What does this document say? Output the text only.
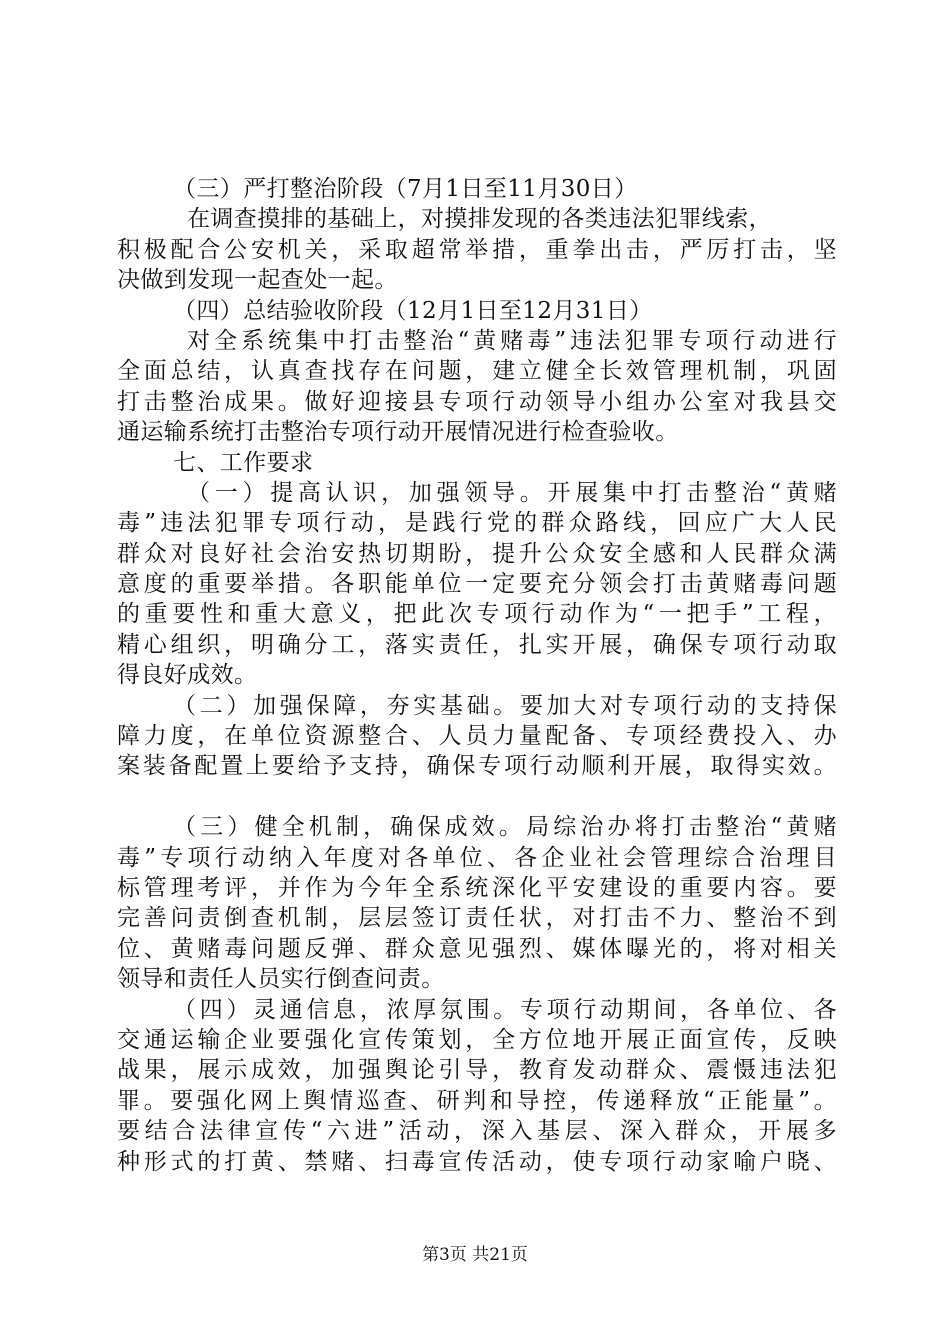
（三）严打整治阶段（7月1日至11月30日）
在调查摸排的基础上，对摸排发现的各类违法犯罪线索，
积极配合公安机关，采取超常举措，重拳出击，严厉打击，坚
决做到发现一起查处一起。
（四）总结验收阶段（12月1日至12月31日）
对全系统集中打击整治“黄赌毒”违法犯罪专项行动进行
全面总结，认真查找存在问题，建立健全长效管理机制，巩固
打击整治成果。做好迎接县专项行动领导小组办公室对我县交
通运输系统打击整治专项行动开展情况进行检查验收。
七、工作要求
（一）提高认识，加强领导。开展集中打击整治“黄赌
毒”违法犯罪专项行动，是践行党的群众路线，回应广大人民
群众对良好社会治安热切期盼，提升公众安全感和人民群众满
意度的重要举措。各职能单位一定要充分领会打击黄赌毒问题
的重要性和重大意义，把此次专项行动作为“一把手”工程，
精心组织，明确分工，落实责任，扎实开展，确保专项行动取
得良好成效。
（二）加强保障，夯实基础。要加大对专项行动的支持保
障力度，在单位资源整合、人员力量配备、专项经费投入、办
案装备配置上要给予支持，确保专项行动顺利开展，取得实效。
（三）健全机制，确保成效。局综治办将打击整治“黄赌
毒”专项行动纳入年度对各单位、各企业社会管理综合治理目
标管理考评，并作为今年全系统深化平安建设的重要内容。要
完善问责倒查机制，层层签订责任状，对打击不力、整治不到
位、黄赌毒问题反弹、群众意见强烈、媒体曝光的，将对相关
领导和责任人员实行倒查问责。
（四）灵通信息，浓厚氛围。专项行动期间，各单位、各
交通运输企业要强化宣传策划，全方位地开展正面宣传，反映
战果，展示成效，加强舆论引导，教育发动群众、震慑违法犯
罪。要强化网上舆情巡查、研判和导控，传递释放“正能量”。
要结合法律宣传“六进”活动，深入基层、深入群众，开展多
种形式的打黄、禁赌、扫毒宣传活动，使专项行动家喻户晓、
第3页 共21页
